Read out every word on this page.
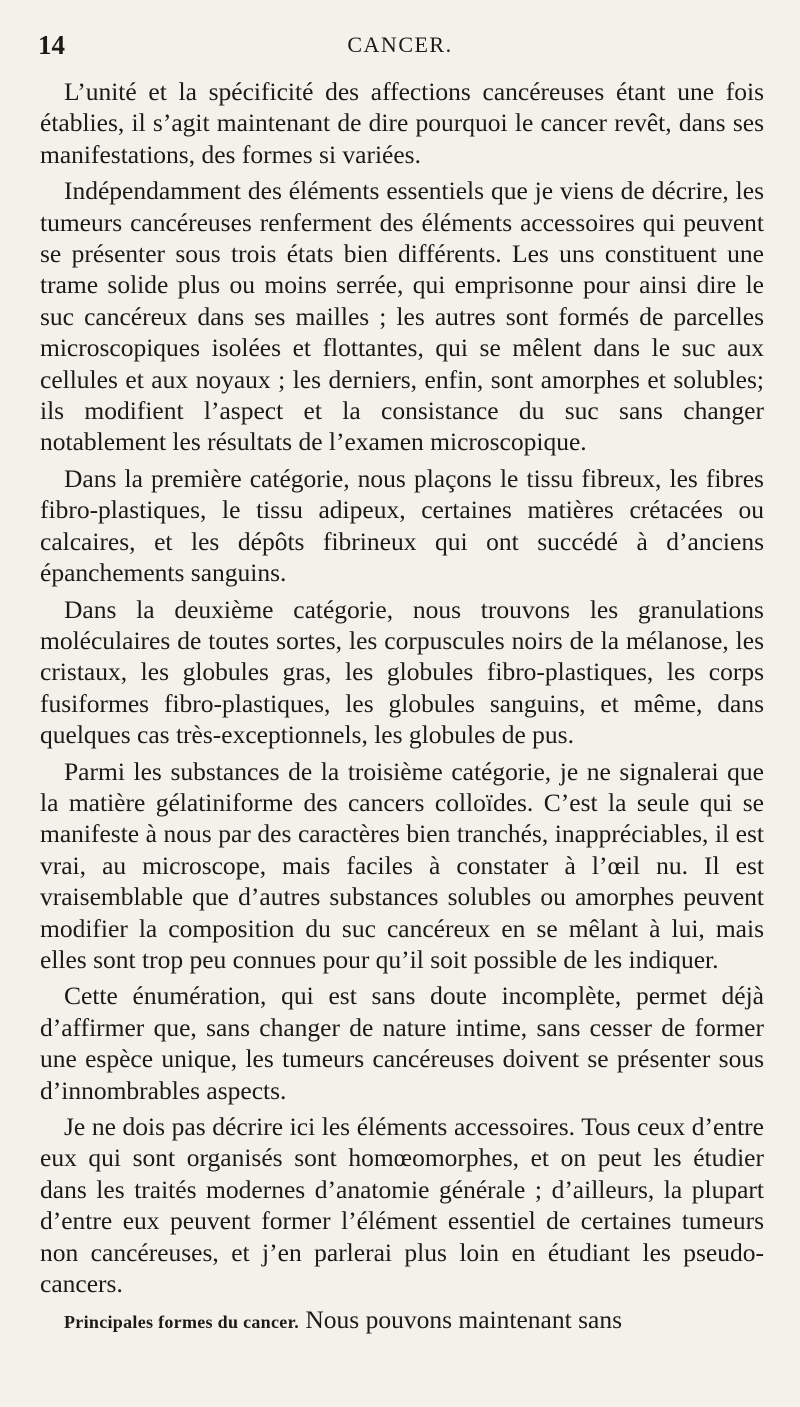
14	CANCER.

L’unité et la spécificité des affections cancéreuses étant une fois établies, il s’agit maintenant de dire pourquoi le cancer revêt, dans ses manifestations, des formes si variées.

Indépendamment des éléments essentiels que je viens de décrire, les tumeurs cancéreuses renferment des éléments accessoires qui peuvent se présenter sous trois états bien différents. Les uns constituent une trame solide plus ou moins serrée, qui emprisonne pour ainsi dire le suc cancéreux dans ses mailles ; les autres sont formés de parcelles microscopiques isolées et flottantes, qui se mêlent dans le suc aux cellules et aux noyaux ; les derniers, enfin, sont amorphes et solubles; ils modifient l’aspect et la consistance du suc sans changer notablement les résultats de l’examen microscopique.

Dans la première catégorie, nous plaçons le tissu fibreux, les fibres fibro-plastiques, le tissu adipeux, certaines matières crétacées ou calcaires, et les dépôts fibrineux qui ont succédé à d’anciens épanchements sanguins.

Dans la deuxième catégorie, nous trouvons les granulations moléculaires de toutes sortes, les corpuscules noirs de la mélanose, les cristaux, les globules gras, les globules fibro-plastiques, les corps fusiformes fibro-plastiques, les globules sanguins, et même, dans quelques cas très-exceptionnels, les globules de pus.

Parmi les substances de la troisième catégorie, je ne signalerai que la matière gélatiniforme des cancers colloïdes. C’est la seule qui se manifeste à nous par des caractères bien tranchés, inappréciables, il est vrai, au microscope, mais faciles à constater à l’œil nu. Il est vraisemblable que d’autres substances solubles ou amorphes peuvent modifier la composition du suc cancéreux en se mêlant à lui, mais elles sont trop peu connues pour qu’il soit possible de les indiquer.

Cette énumération, qui est sans doute incomplète, permet déjà d’affirmer que, sans changer de nature intime, sans cesser de former une espèce unique, les tumeurs cancéreuses doivent se présenter sous d’innombrables aspects.

Je ne dois pas décrire ici les éléments accessoires. Tous ceux d’entre eux qui sont organisés sont homœomorphes, et on peut les étudier dans les traités modernes d’anatomie générale ; d’ailleurs, la plupart d’entre eux peuvent former l’élément essentiel de certaines tumeurs non cancéreuses, et j’en parlerai plus loin en étudiant les pseudo-cancers.

Principales formes du cancer. Nous pouvons maintenant sans
